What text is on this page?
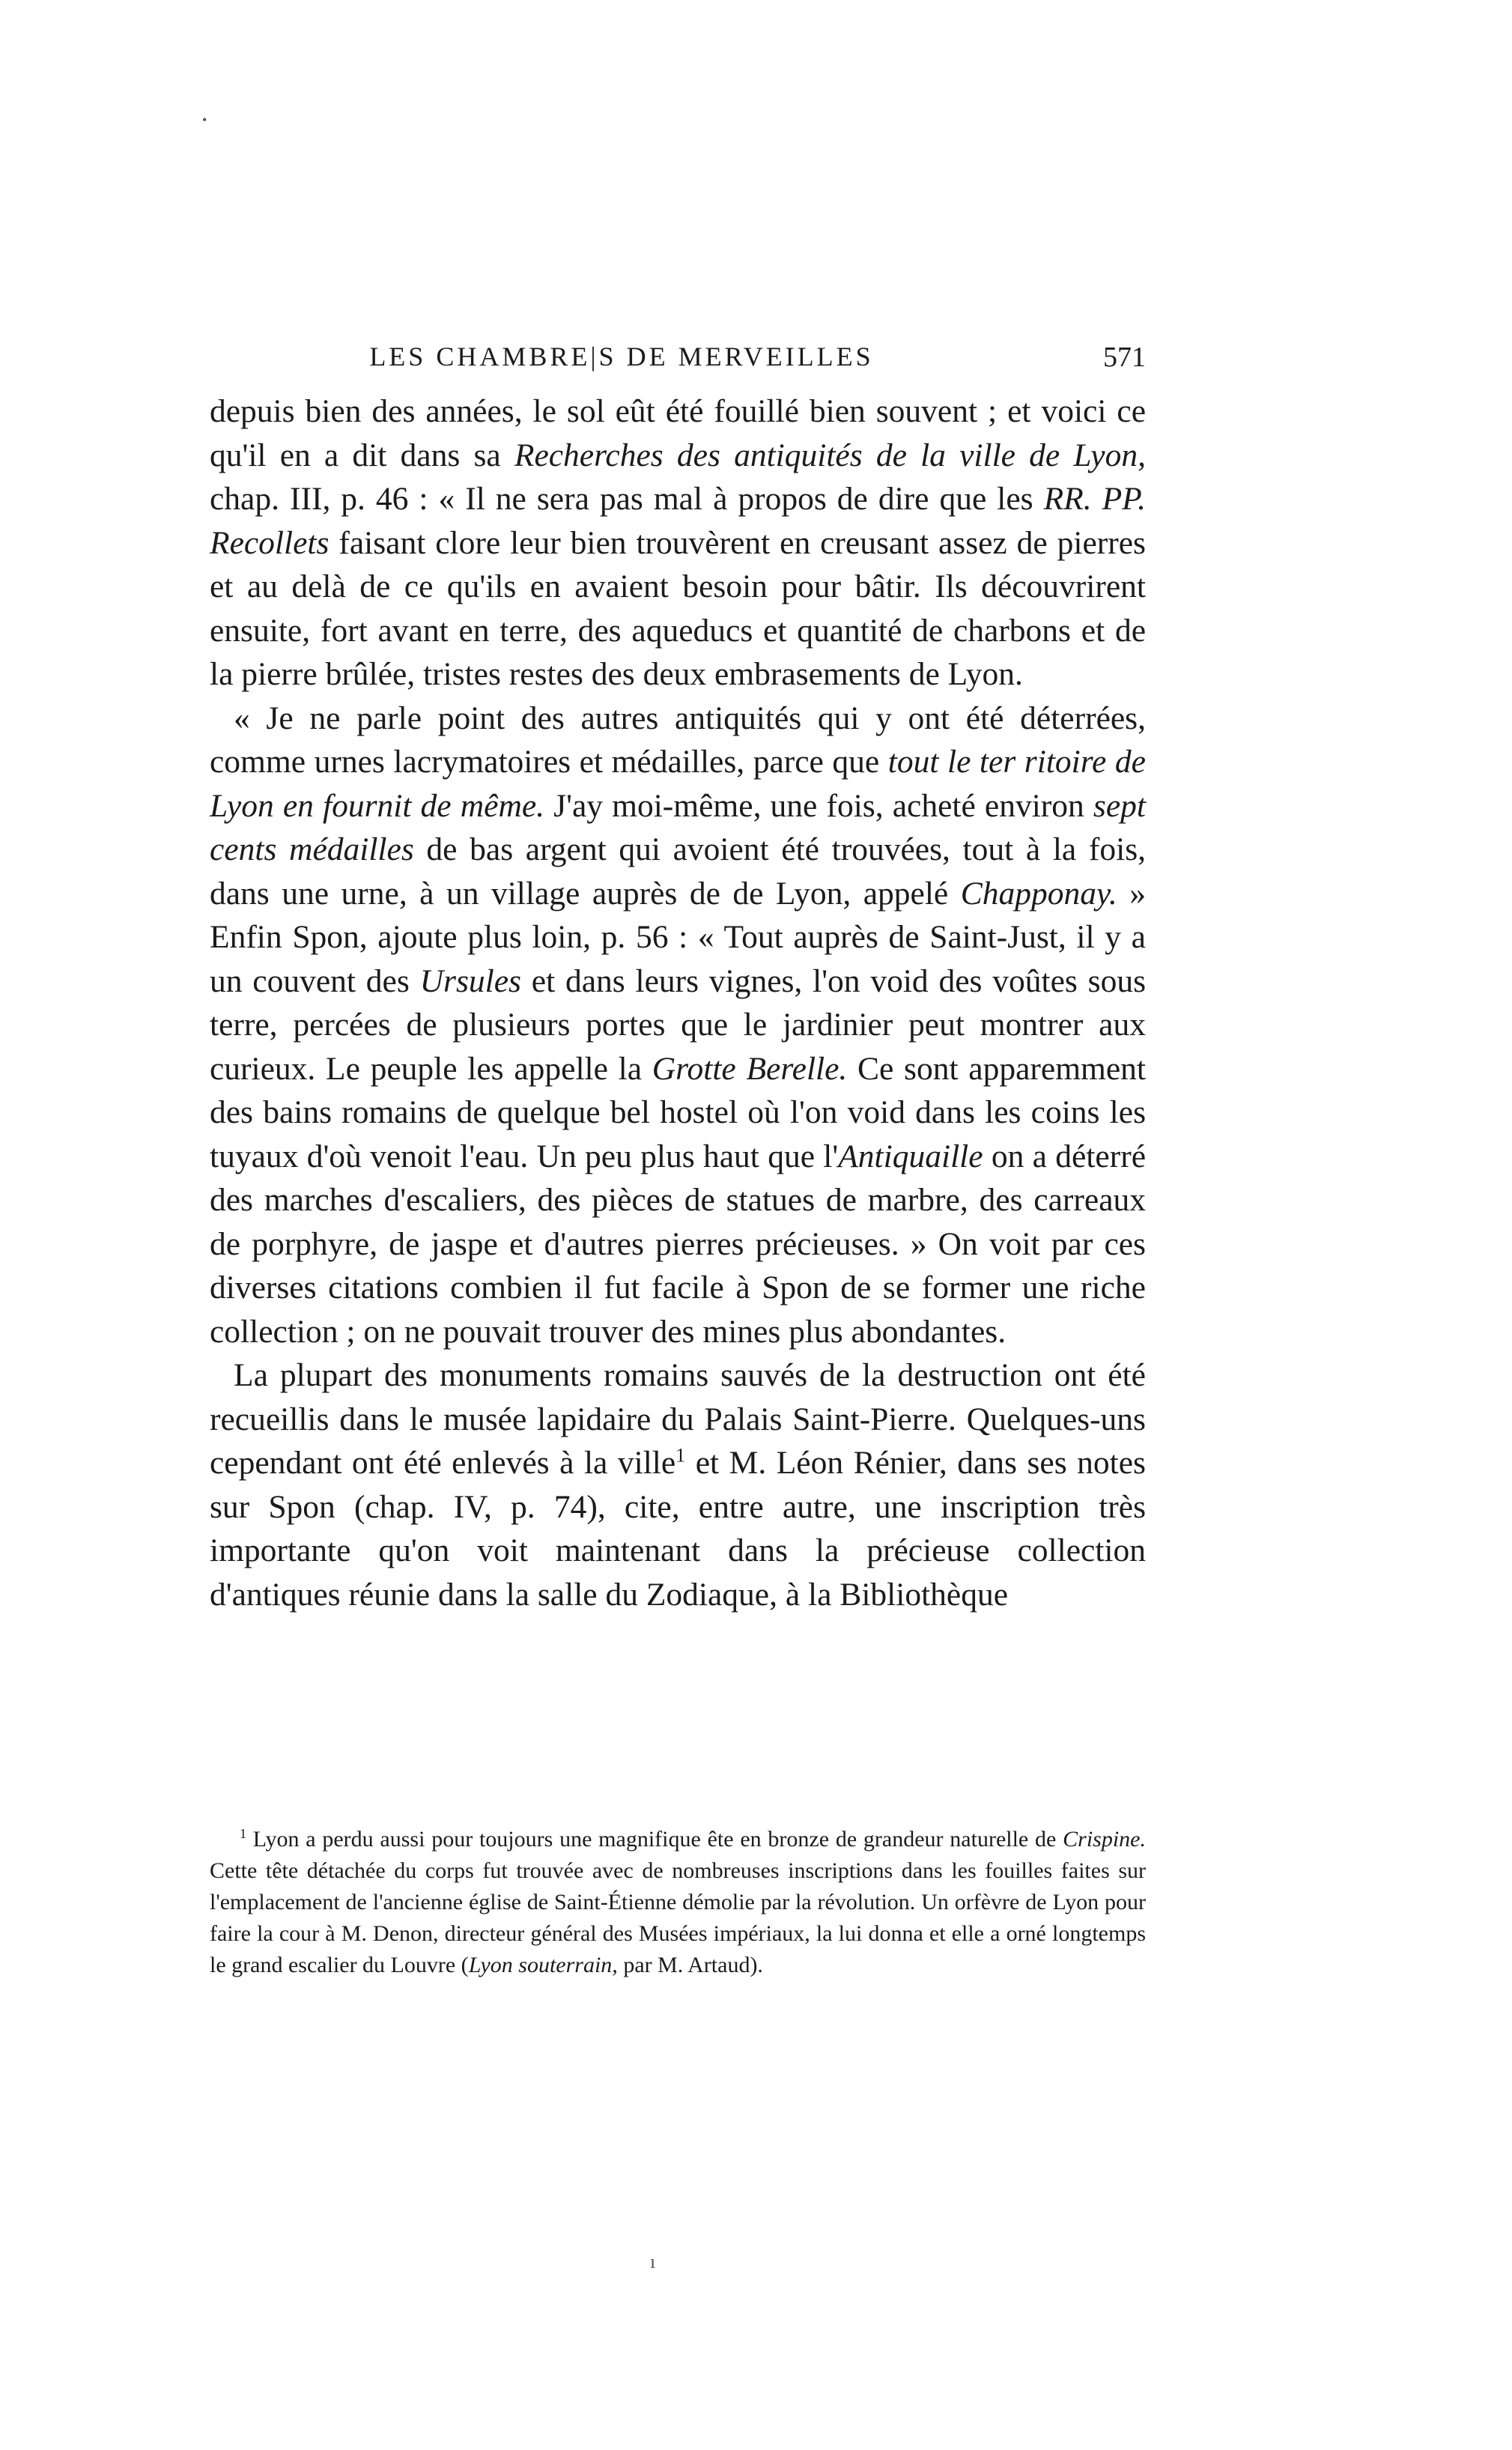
•
LES CHAMBRE|S DE MERVEILLES	571

depuis bien des années, le sol eût été fouillé bien souvent ; et voici ce qu'il en a dit dans sa Recherches des antiquités de la ville de Lyon, chap. III, p. 46 : « Il ne sera pas mal à propos de dire que les RR. PP. Recollets faisant clore leur bien trouvèrent en creusant assez de pierres et au delà de ce qu'ils en avaient besoin pour bâtir. Ils découvrirent ensuite, fort avant en terre, des aqueducs et quantité de charbons et de la pierre brûlée, tristes restes des deux embrasements de Lyon.

« Je ne parle point des autres antiquités qui y ont été déterrées, comme urnes lacrymatoires et médailles, parce que tout le ter ritoire de Lyon en fournit de même. J'ay moi-même, une fois, acheté environ sept cents médailles de bas argent qui avoient été trouvées, tout à la fois, dans une urne, à un village auprès de de Lyon, appelé Chapponay. » Enfin Spon, ajoute plus loin, p. 56 : « Tout auprès de Saint-Just, il y a un couvent des Ursules et dans leurs vignes, l'on void des voûtes sous terre, percées de plusieurs portes que le jardinier peut montrer aux curieux. Le peuple les appelle la Grotte Berelle. Ce sont apparemment des bains romains de quelque bel hostel où l'on void dans les coins les tuyaux d'où venoit l'eau. Un peu plus haut que l'Antiquaille on a déterré des marches d'escaliers, des pièces de statues de marbre, des carreaux de porphyre, de jaspe et d'autres pierres précieuses. » On voit par ces diverses citations combien il fut facile à Spon de se former une riche collection ; on ne pouvait trouver des mines plus abondantes.

La plupart des monuments romains sauvés de la destruction ont été recueillis dans le musée lapidaire du Palais Saint-Pierre. Quelques-uns cependant ont été enlevés à la ville$^1$ et M. Léon Rénier, dans ses notes sur Spon (chap. IV, p. 74), cite, entre autre, une inscription très importante qu'on voit maintenant dans la précieuse collection d'antiques réunie dans la salle du Zodiaque, à la Bibliothèque

$^1$ Lyon a perdu aussi pour toujours une magnifique ête en bronze de grandeur naturelle de Crispine. Cette tête détachée du corps fut trouvée avec de nombreuses inscriptions dans les fouilles faites sur l'emplacement de l'ancienne église de Saint-Étienne démolie par la révolution. Un orfèvre de Lyon pour faire la cour à M. Denon, directeur général des Musées impériaux, la lui donna et elle a orné longtemps le grand escalier du Louvre (Lyon souterrain, par M. Artaud).

ı
